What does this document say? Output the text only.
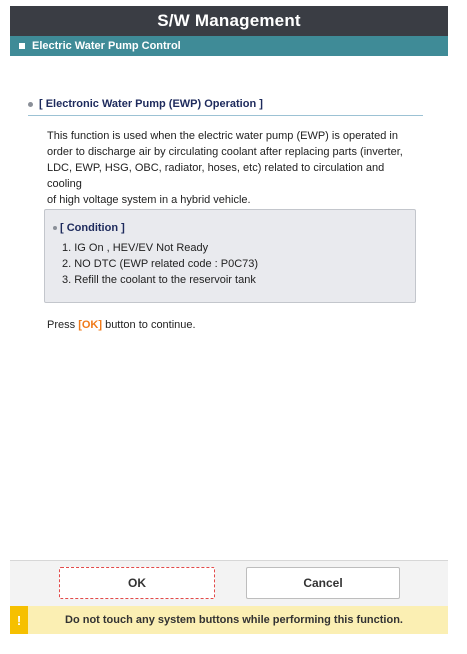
S/W Management
Electric Water Pump Control
[ Electronic Water Pump (EWP) Operation ]
This function is used when the electric water pump (EWP) is operated in
order to discharge air by circulating coolant after replacing parts (inverter,
LDC, EWP, HSG, OBC, radiator, hoses, etc) related to circulation and cooling
of high voltage system in a hybrid vehicle.
[ Condition ]
1. IG On , HEV/EV Not Ready
2. NO DTC (EWP related code : P0C73)
3. Refill the coolant to the reservoir tank
Press [OK] button to continue.
OK	Cancel
!	Do not touch any system buttons while performing this function.
